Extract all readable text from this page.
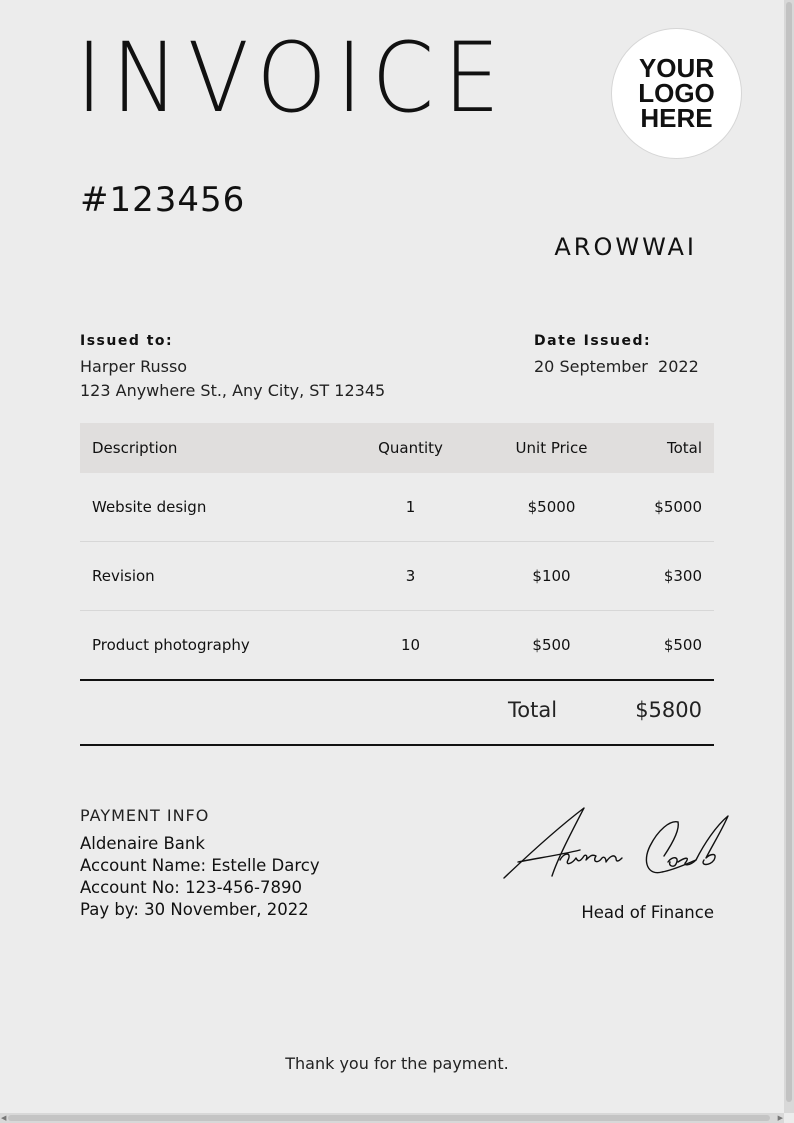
INVOICE	YOUR
LOGO
HERE
#123456
AROWWAI
Issued to:
Harper Russo
123 Anywhere St., Any City, ST 12345
Date Issued:
20 September  2022
Description	Quantity	Unit Price	Total
Website design	1	$5000	$5000
Revision	3	$100	$300
Product photography	10	$500	$500
Total	$5800
PAYMENT INFO
Aldenaire Bank
Account Name: Estelle Darcy
Account No: 123-456-7890
Pay by: 30 November, 2022	Head of Finance
Thank you for the payment.
◀	▶
